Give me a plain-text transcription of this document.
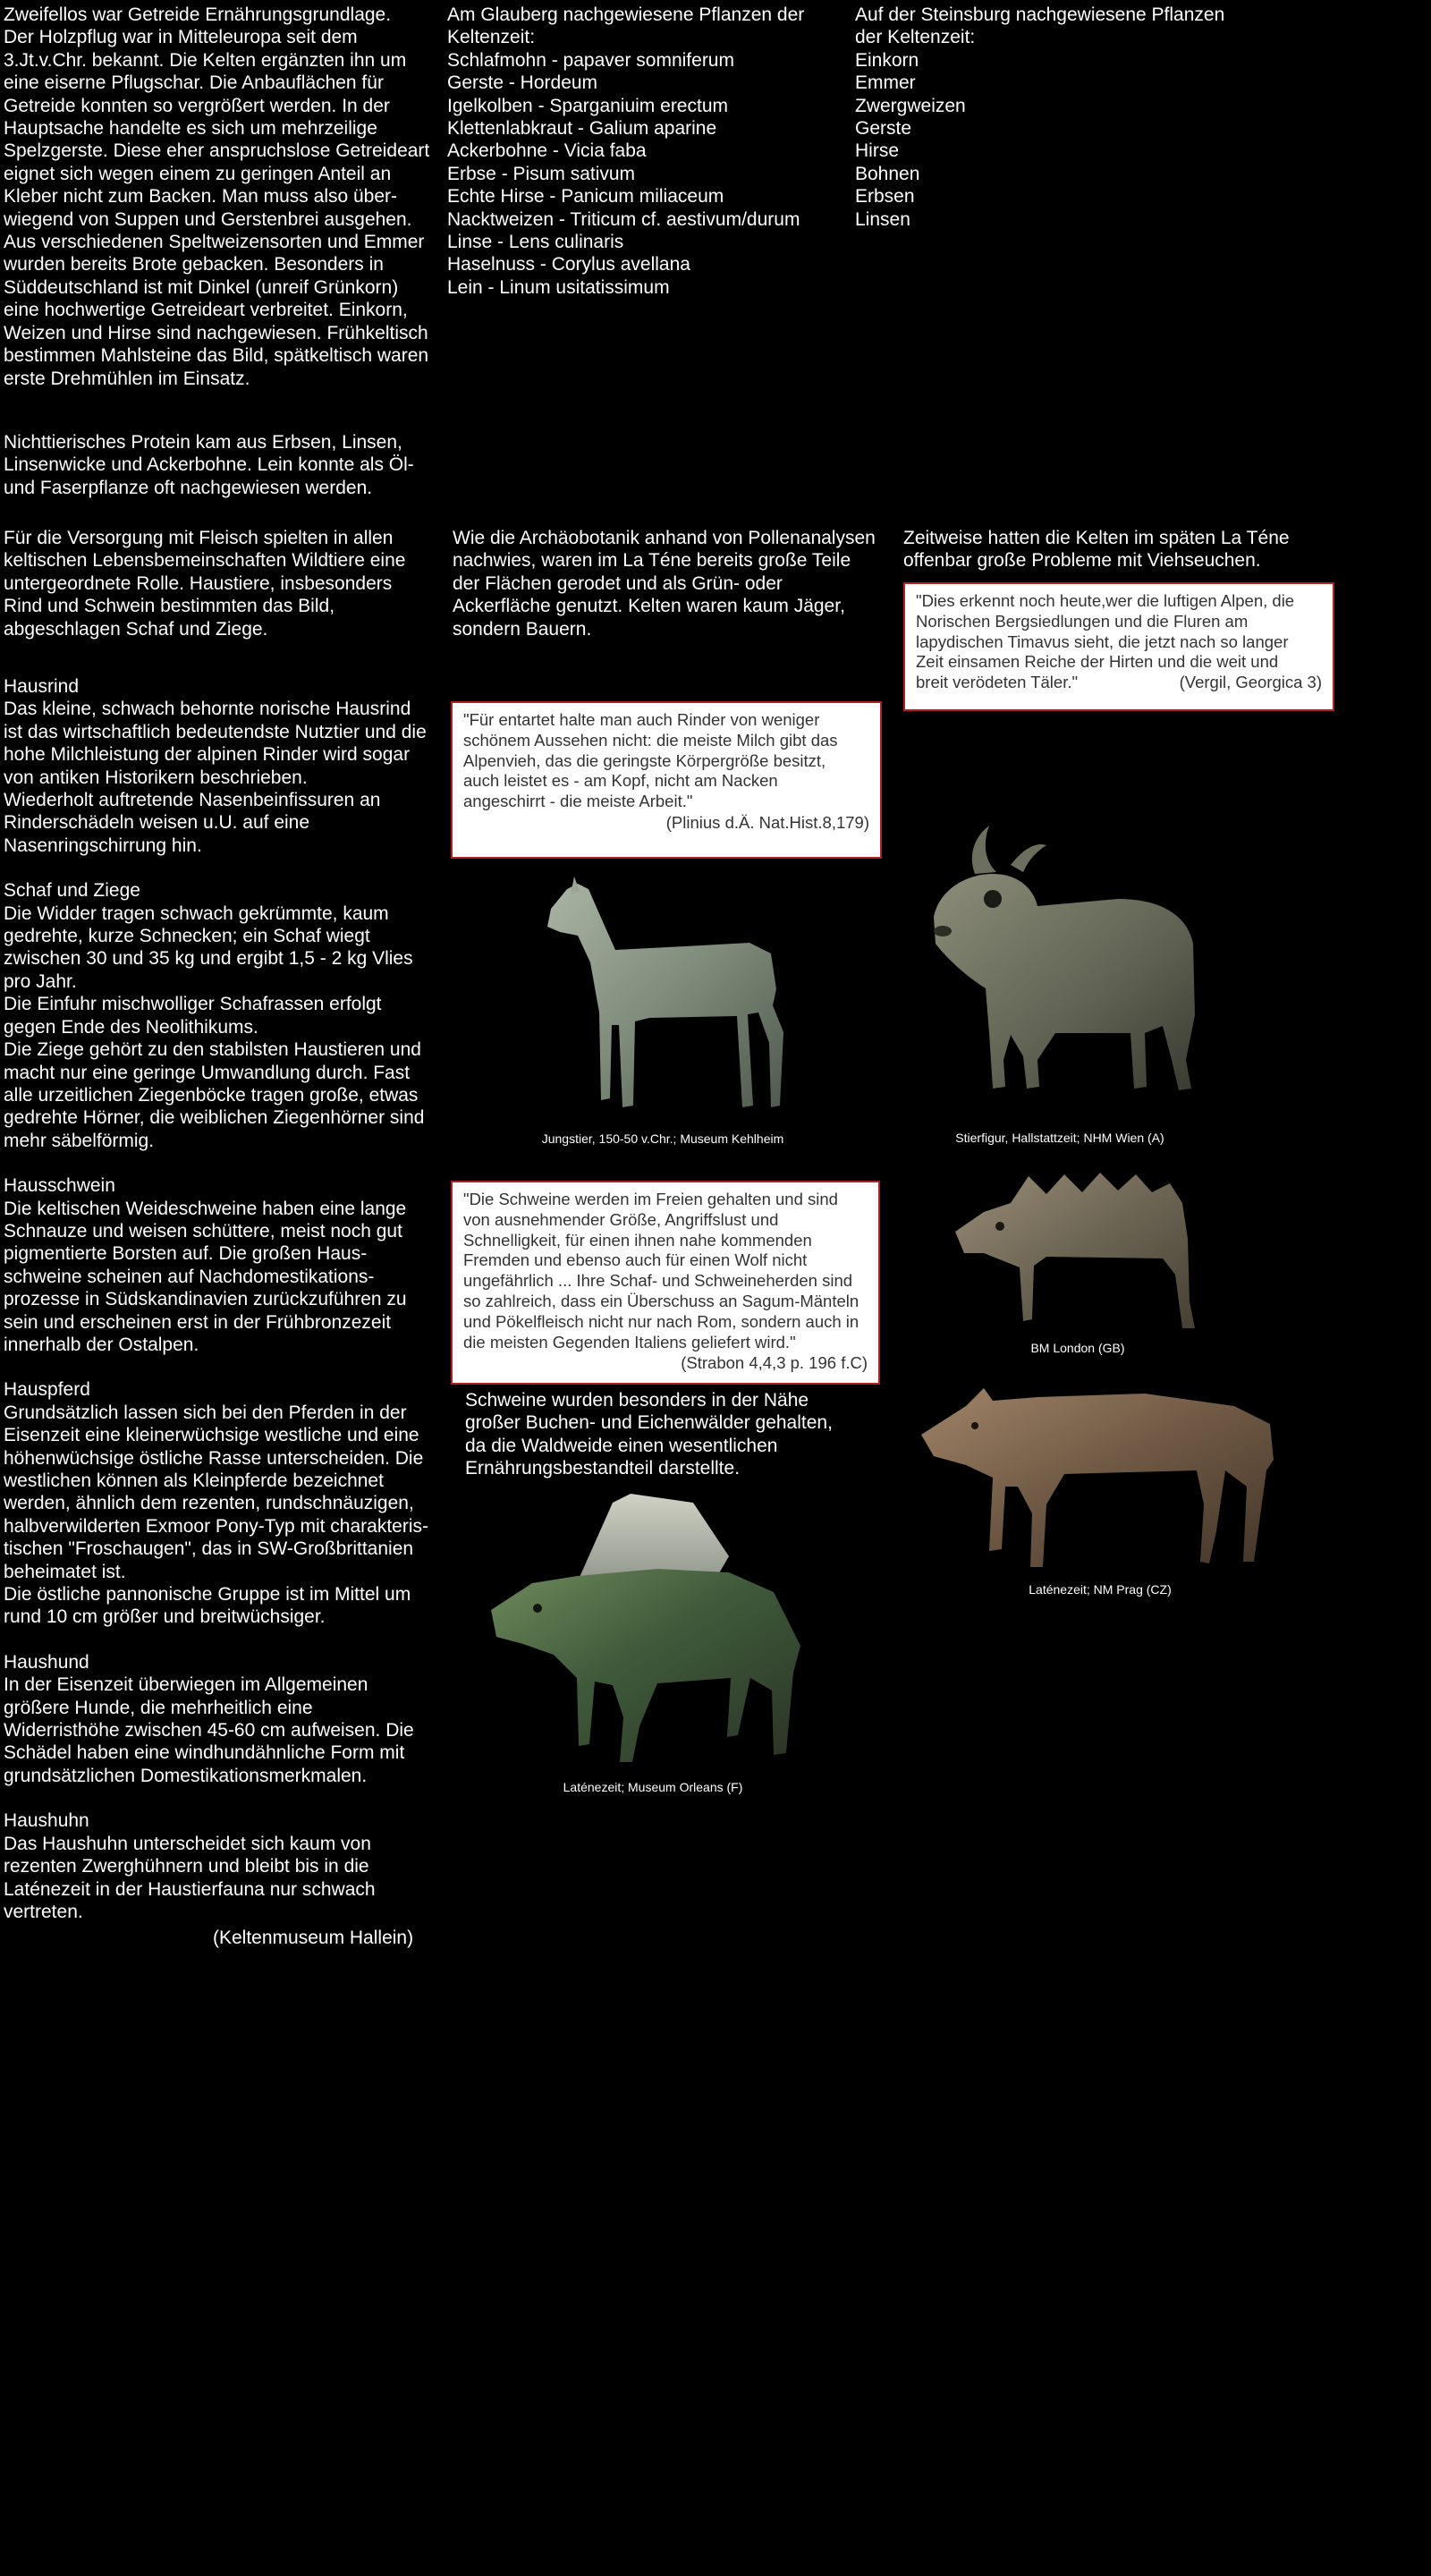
Zweifellos war Getreide Ernährungsgrundlage.
Der Holzpflug war in Mitteleuropa seit dem
3.Jt.v.Chr. bekannt. Die Kelten ergänzten ihn um
eine eiserne Pflugschar. Die Anbauflächen für
Getreide konnten so vergrößert werden. In der
Hauptsache handelte es sich um mehrzeilige
Spelzgerste. Diese eher anspruchslose Getreideart
eignet sich wegen einem zu geringen Anteil an
Kleber nicht zum Backen. Man muss also über-
wiegend von Suppen und Gerstenbrei ausgehen.
Aus verschiedenen Speltweizensorten und Emmer
wurden bereits Brote gebacken. Besonders in
Süddeutschland ist mit Dinkel (unreif Grünkorn)
eine hochwertige Getreideart verbreitet. Einkorn,
Weizen und Hirse sind nachgewiesen. Frühkeltisch
bestimmen Mahlsteine das Bild, spätkeltisch waren
erste Drehmühlen im Einsatz.

Nichttierisches Protein kam aus Erbsen, Linsen,
Linsenwicke und Ackerbohne. Lein konnte als Öl-
und Faserpflanze oft nachgewiesen werden.

Für die Versorgung mit Fleisch spielten in allen
keltischen Lebensbemeinschaften Wildtiere eine
untergeordnete Rolle. Haustiere, insbesonders
Rind und Schwein bestimmten das Bild,
abgeschlagen Schaf und Ziege.

Hausrind

Das kleine, schwach behornte norische Hausrind
ist das wirtschaftlich bedeutendste Nutztier und die
hohe Milchleistung der alpinen Rinder wird sogar
von antiken Historikern beschrieben.
Wiederholt auftretende Nasenbeinfissuren an
Rinderschädeln weisen u.U. auf eine
Nasenringschirrung hin.

Schaf und Ziege

Die Widder tragen schwach gekrümmte, kaum
gedrehte, kurze Schnecken; ein Schaf wiegt
zwischen 30 und 35 kg und ergibt 1,5 - 2 kg Vlies
pro Jahr.
Die Einfuhr mischwolliger Schafrassen erfolgt
gegen Ende des Neolithikums.
Die Ziege gehört zu den stabilsten Haustieren und
macht nur eine geringe Umwandlung durch. Fast
alle urzeitlichen Ziegenböcke tragen große, etwas
gedrehte Hörner, die weiblichen Ziegenhörner sind
mehr säbelförmig.

Hausschwein

Die keltischen Weideschweine haben eine lange
Schnauze und weisen schüttere, meist noch gut
pigmentierte Borsten auf. Die großen Haus-
schweine scheinen auf Nachdomestikations-
prozesse in Südskandinavien zurückzuführen zu
sein und erscheinen erst in der Frühbronzezeit
innerhalb der Ostalpen.

Hauspferd

Grundsätzlich lassen sich bei den Pferden in der
Eisenzeit eine kleinerwüchsige westliche und eine
höhenwüchsige östliche Rasse unterscheiden. Die
westlichen können als Kleinpferde bezeichnet
werden, ähnlich dem rezenten, rundschnäuzigen,
halbverwilderten Exmoor Pony-Typ mit charakteris-
tischen "Froschaugen", das in SW-Großbrittanien
beheimatet ist.
Die östliche pannonische Gruppe ist im Mittel um
rund 10 cm größer und breitwüchsiger.

Haushund

In der Eisenzeit überwiegen im Allgemeinen
größere Hunde, die mehrheitlich eine
Widerristhöhe zwischen 45-60 cm aufweisen. Die
Schädel haben eine windhundähnliche Form mit
grundsätzlichen Domestikationsmerkmalen.

Haushuhn

Das Haushuhn unterscheidet sich kaum von
rezenten Zwerghühnern und bleibt bis in die
Laténezeit in der Haustierfauna nur schwach
vertreten.

(Keltenmuseum Hallein)

Am Glauberg nachgewiesene Pflanzen der
Keltenzeit:
Schlafmohn - papaver somniferum
Gerste - Hordeum
Igelkolben - Sparganiuim erectum
Klettenlabkraut - Galium aparine
Ackerbohne - Vicia faba
Erbse - Pisum sativum
Echte Hirse - Panicum miliaceum
Nacktweizen - Triticum cf. aestivum/durum
Linse - Lens culinaris
Haselnuss - Corylus avellana
Lein - Linum usitatissimum
Auf der Steinsburg nachgewiesene Pflanzen
der Keltenzeit:
Einkorn
Emmer
Zwergweizen
Gerste
Hirse
Bohnen
Erbsen
Linsen

Wie die Archäobotanik anhand von Pollenanalysen
nachwies, waren im La Téne bereits große Teile
der Flächen gerodet und als Grün- oder
Ackerfläche genutzt. Kelten waren kaum Jäger,
sondern Bauern.

"Für entartet halte man auch Rinder von weniger
schönem Aussehen nicht: die meiste Milch gibt das
Alpenvieh, das die geringste Körpergröße besitzt,
auch leistet es - am Kopf, nicht am Nacken
angeschirrt - die meiste Arbeit."
(Plinius d.Ä. Nat.Hist.8,179)
"Die Schweine werden im Freien gehalten und sind
von ausnehmender Größe, Angriffslust und
Schnelligkeit, für einen ihnen nahe kommenden
Fremden und ebenso auch für einen Wolf nicht
ungefährlich ... Ihre Schaf- und Schweineherden sind
so zahlreich, dass ein Überschuss an Sagum-Mänteln
und Pökelfleisch nicht nur nach Rom, sondern auch in
die meisten Gegenden Italiens geliefert wird."
(Strabon 4,4,3 p. 196 f.C)

Schweine wurden besonders in der Nähe
großer Buchen- und Eichenwälder gehalten,
da die Waldweide einen wesentlichen
Ernährungsbestandteil darstellte.

Zeitweise hatten die Kelten im späten La Téne
offenbar große Probleme mit Viehseuchen.

"Dies erkennt noch heute,wer die luftigen Alpen, die
Norischen Bergsiedlungen und die Fluren am
lapydischen Timavus sieht, die jetzt nach so langer
Zeit einsamen Reiche der Hirten und die weit und
breit verödeten Täler."	(Vergil, Georgica 3)
Jungstier, 150-50 v.Chr.; Museum Kehlheim	Stierfigur, Hallstattzeit; NHM Wien (A)
BM London (GB)
Laténezeit; NM Prag (CZ)
Laténezeit; Museum Orleans (F)
